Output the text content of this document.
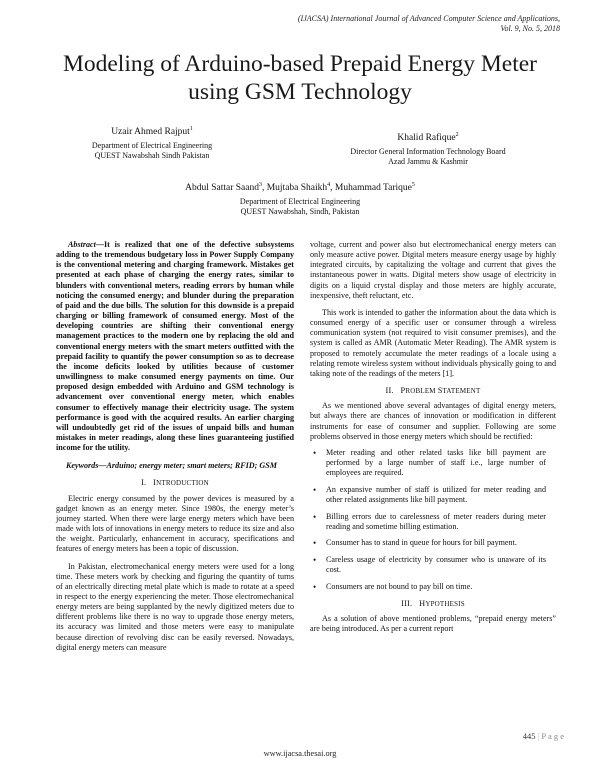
(IJACSA) International Journal of Advanced Computer Science and Applications,
Vol. 9, No. 5, 2018
Modeling of Arduino-based Prepaid Energy Meter
using GSM Technology
Uzair Ahmed Rajput$^1$
Department of Electrical Engineering
QUEST Nawabshah Sindh Pakistan
Khalid Rafique$^2$
Director General Information Technology Board
Azad Jammu & Kashmir
Abdul Sattar Saand$^3$, Mujtaba Shaikh$^4$, Muhammad Tarique$^5$
Department of Electrical Engineering
QUEST Nawabshah, Sindh, Pakistan

Abstract—It is realized that one of the defective subsystems adding to the tremendous budgetary loss in Power Supply Company is the conventional metering and charging framework. Mistakes get presented at each phase of charging the energy rates, similar to blunders with conventional meters, reading errors by human while noticing the consumed energy; and blunder during the preparation of paid and the due bills. The solution for this downside is a prepaid charging or billing framework of consumed energy. Most of the developing countries are shifting their conventional energy management practices to the modern one by replacing the old and conventional energy meters with the smart meters outfitted with the prepaid facility to quantify the power consumption so as to decrease the income deficits looked by utilities because of customer unwillingness to make consumed energy payments on time. Our proposed design embedded with Arduino and GSM technology is advancement over conventional energy meter, which enables consumer to effectively manage their electricity usage. The system performance is good with the acquired results. An earlier charging will undoubtedly get rid of the issues of unpaid bills and human mistakes in meter readings, along these lines guaranteeing justified income for the utility.

Keywords—Arduino; energy meter; smart meters; RFID; GSM

I. INTRODUCTION

Electric energy consumed by the power devices is measured by a gadget known as an energy meter. Since 1980s, the energy meter’s journey started. When there were large energy meters which have been made with lots of innovations in energy meters to reduce its size and also the weight. Particularly, enhancement in accuracy, specifications and features of energy meters has been a topic of discussion.

In Pakistan, electromechanical energy meters were used for a long time. These meters work by checking and figuring the quantity of turns of an electrically directing metal plate which is made to rotate at a speed in respect to the energy experiencing the meter. Those electromechanical energy meters are being supplanted by the newly digitized meters due to different problems like there is no way to upgrade those energy meters, its accuracy was limited and those meters were easy to manipulate because direction of revolving disc can be easily reversed. Nowadays, digital energy meters can measure

voltage, current and power also but electromechanical energy meters can only measure active power. Digital meters measure energy usage by highly integrated circuits, by capitalizing the voltage and current that gives the instantaneous power in watts. Digital meters show usage of electricity in digits on a liquid crystal display and those meters are highly accurate, inexpensive, theft reluctant, etc.

This work is intended to gather the information about the data which is consumed energy of a specific user or consumer through a wireless communication system (not required to visit consumer premises), and the system is called as AMR (Automatic Meter Reading). The AMR system is proposed to remotely accumulate the meter readings of a locale using a relating remote wireless system without individuals physically going to and taking note of the readings of the meters [1].

II. PROBLEM STATEMENT

As we mentioned above several advantages of digital energy meters, but always there are chances of innovation or modification in different instruments for ease of consumer and supplier. Following are some problems observed in those energy meters which should be rectified:

• Meter reading and other related tasks like bill payment are performed by a large number of staff i.e., large number of employees are required.
• An expansive number of staff is utilized for meter reading and other related assignments like bill payment.
• Billing errors due to carelessness of meter readers during meter reading and sometime billing estimation.
• Consumer has to stand in queue for hours for bill payment.
• Careless usage of electricity by consumer who is unaware of its cost.
• Consumers are not bound to pay bill on time.

III. HYPOTHESIS

As a solution of above mentioned problems, “prepaid energy meters” are being introduced. As per a current report

445 | P a g e
www.ijacsa.thesai.org
